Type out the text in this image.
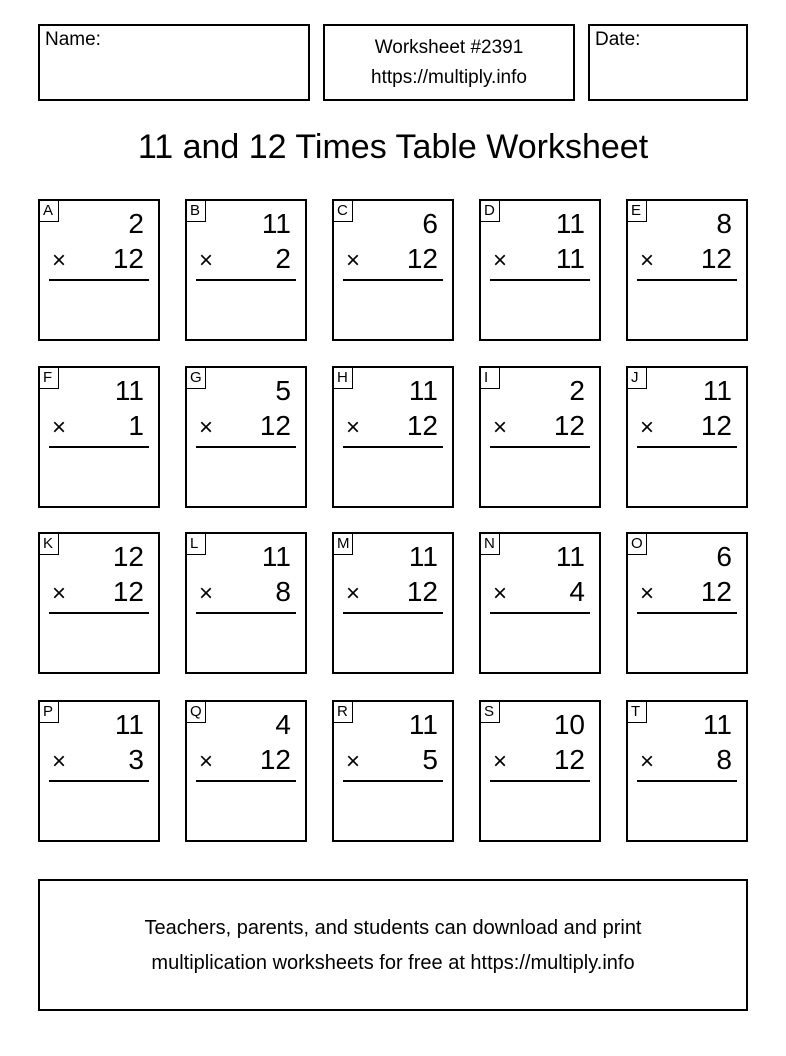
Name:	Worksheet #2391
https://multiply.info
Date:
11 and 12 Times Table Worksheet
A	2
× 12
B 11
× 2
C	6
× 12
D 11
× 11
E	8
× 12
F 11
× 1
G	5
× 12
H 11
× 12
I	2
× 12
J	11
× 12
K 12
× 12
L 11
× 8
M 11
× 12
N 11
× 4
O	6
× 12
P 11
× 3
Q	4
× 12
R 11
× 5
S 10
× 12
T 11
× 8
Teachers, parents, and students can download and print
multiplication worksheets for free at https://multiply.info
